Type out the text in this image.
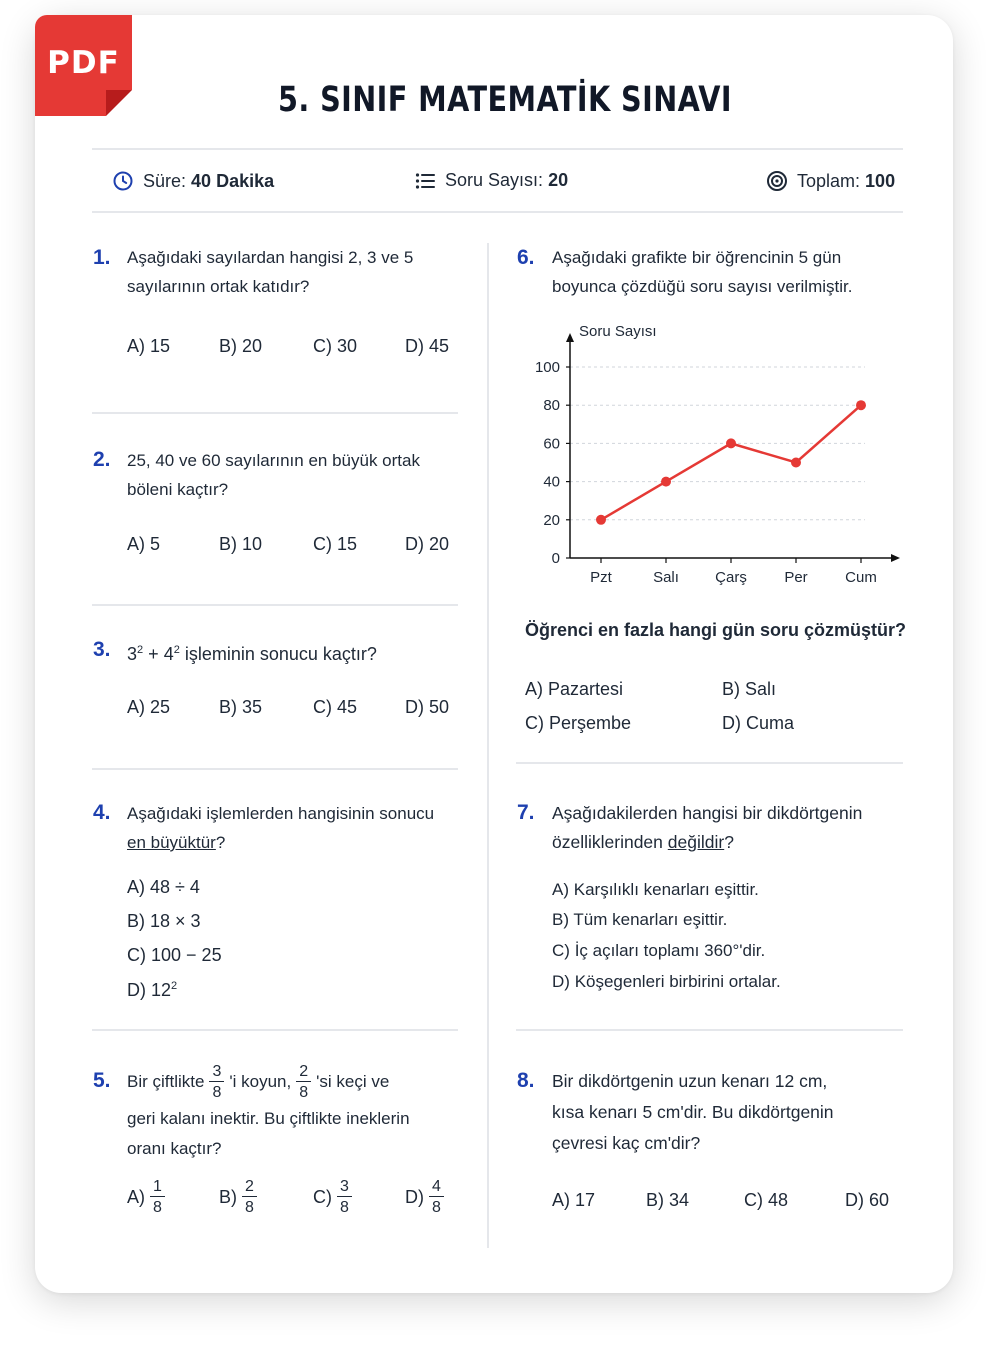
PDF
5. SINIF MATEMATİK SINAVI
Süre: 40 Dakika	Soru Sayısı: 20	Toplam: 100
1. Aşağıdaki sayılardan hangisi 2, 3 ve 5
sayılarının ortak katıdır?
A) 15	B) 20	C) 30	D) 45
2. 25, 40 ve 60 sayılarının en büyük ortak
böleni kaçtır?
A) 5	B) 10	C) 15	D) 20
3. $3^2 + 4^2$ işleminin sonucu kaçtır?
A) 25	B) 35	C) 45	D) 50
4. Aşağıdaki işlemlerden hangisinin sonucu
en büyüktür?
A) 48 ÷ 4
B) 18 × 3
C) 100 − 25
D) $12^2$
5. Bir çiftlikte $\frac{3}{8}$ 'i koyun, $\frac{2}{8}$ 'si keçi ve
geri kalanı inektir. Bu çiftlikte ineklerin
oranı kaçtır?
$A) \frac{1}{8}$	$B) \frac{2}{8}$	$C) \frac{3}{8}$	$D) \frac{4}{8}$
6. Aşağıdaki grafikte bir öğrencinin 5 gün
boyunca çözdüğü soru sayısı verilmiştir.
Soru Sayısı
0
20
40
60
80
100
Pzt	Salı Çarş Per Cum
Öğrenci en fazla hangi gün soru çözmüştür?
A) Pazartesi	B) Salı
C) Perşembe	D) Cuma
7. Aşağıdakilerden hangisi bir dikdörtgenin
özelliklerinden değildir?
A) Karşılıklı kenarları eşittir.
B) Tüm kenarları eşittir.
C) İç açıları toplamı 360°'dir.
D) Köşegenleri birbirini ortalar.
8. Bir dikdörtgenin uzun kenarı 12 cm,
kısa kenarı 5 cm'dir. Bu dikdörtgenin
çevresi kaç cm'dir?
A) 17	B) 34	C) 48	D) 60
